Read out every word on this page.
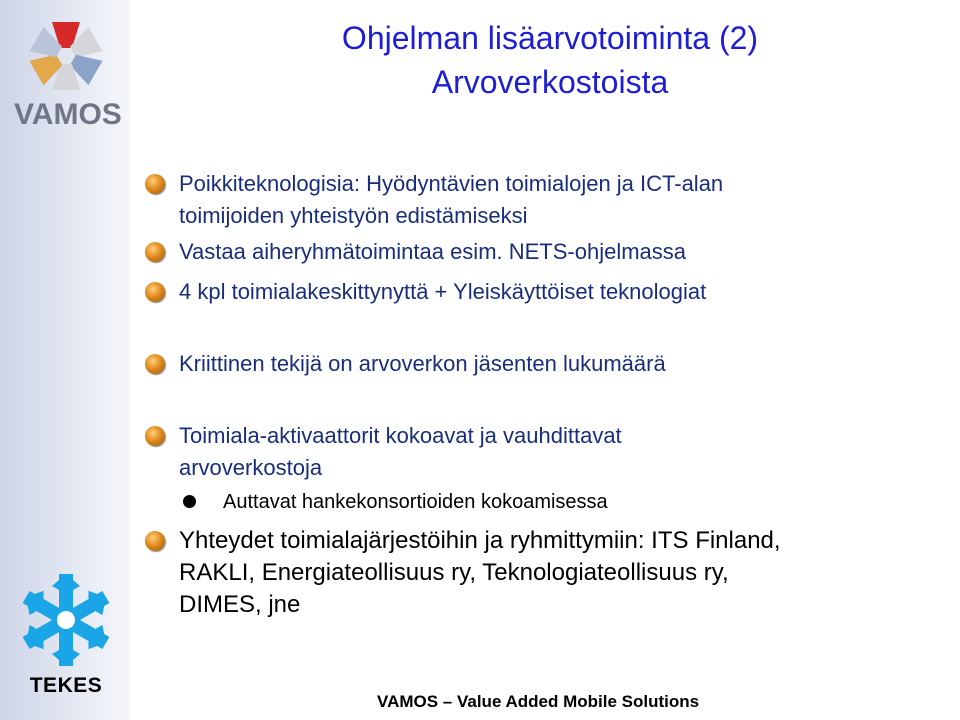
VAMOS
TEKES
Ohjelman lisäarvotoiminta (2)
Arvoverkostoista
Poikkiteknologisia: Hyödyntävien toimialojen ja ICT-alan
toimijoiden yhteistyön edistämiseksi
Vastaa aiheryhmätoimintaa esim. NETS-ohjelmassa
4 kpl toimialakeskittynyttä + Yleiskäyttöiset teknologiat
Kriittinen tekijä on arvoverkon jäsenten lukumäärä
Toimiala-aktivaattorit kokoavat ja vauhdittavat
arvoverkostoja
Auttavat hankekonsortioiden kokoamisessa
Yhteydet toimialajärjestöihin ja ryhmittymiin: ITS Finland,
RAKLI, Energiateollisuus ry, Teknologiateollisuus ry,
DIMES, jne
VAMOS – Value Added Mobile Solutions
